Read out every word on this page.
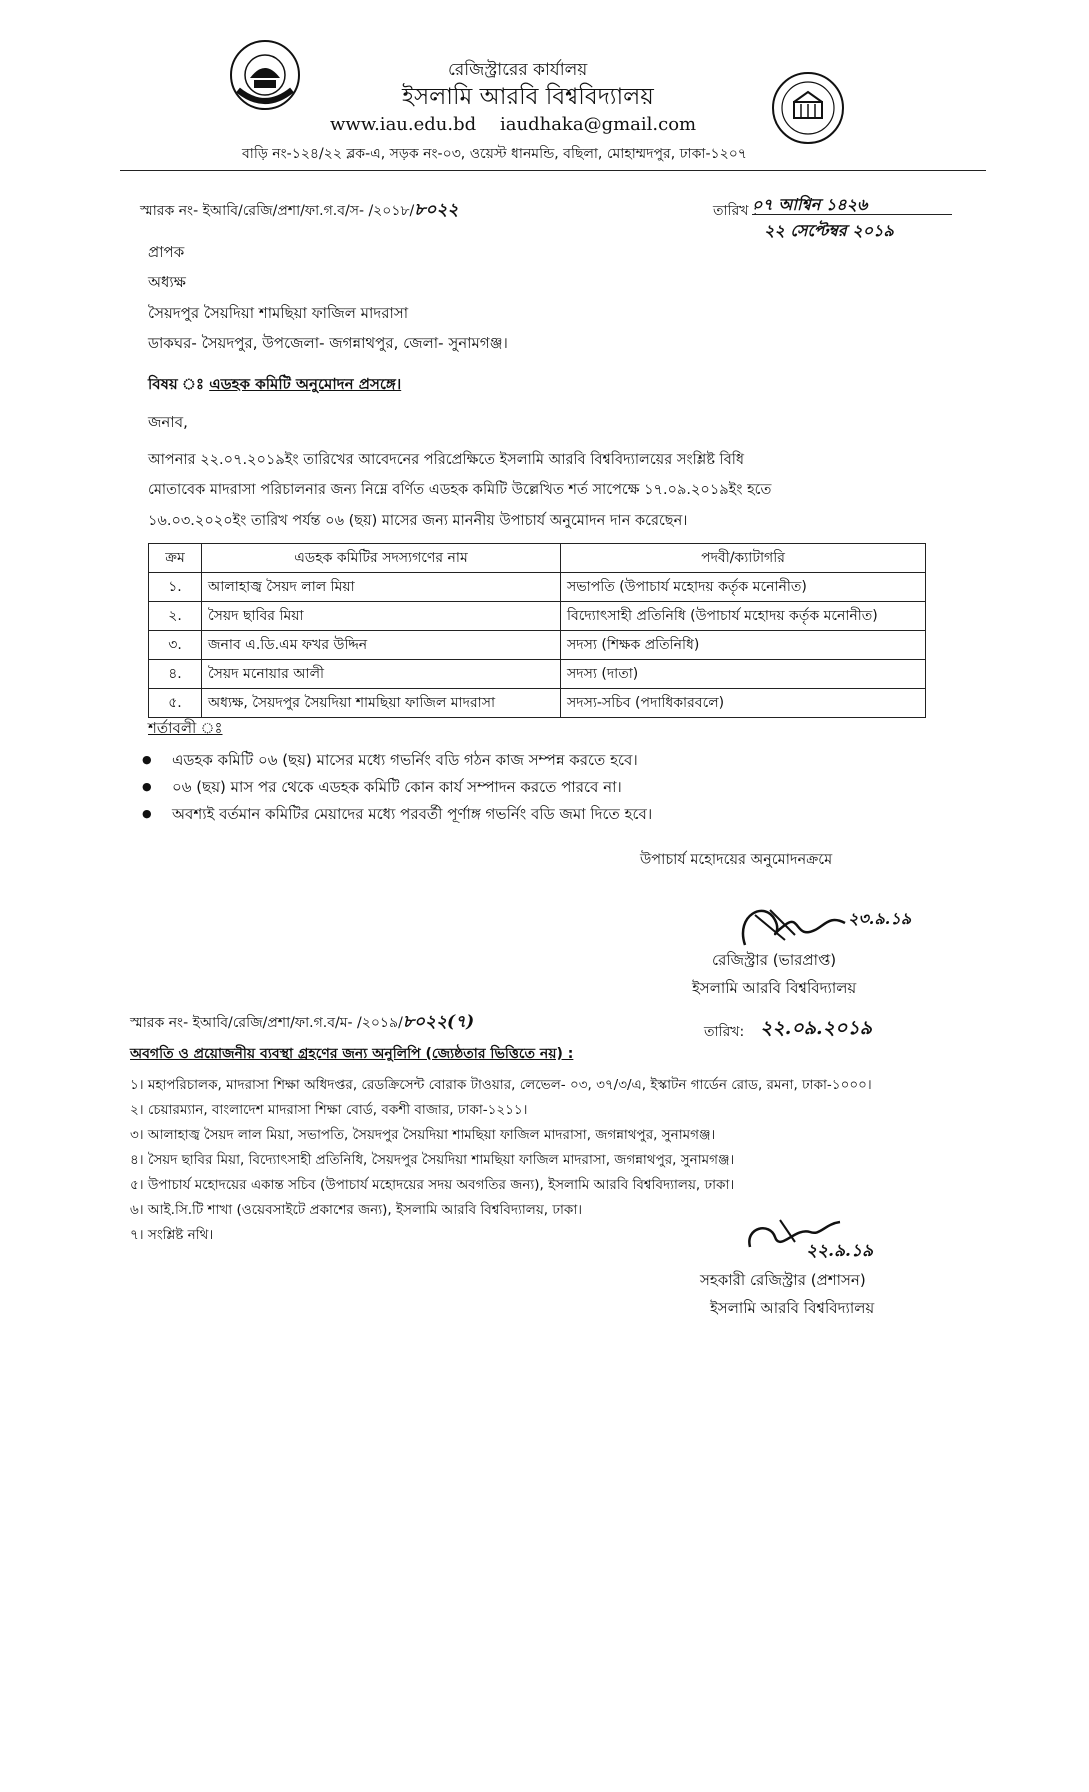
রেজিস্ট্রারের কার্যালয়
ইসলামি আরবি বিশ্ববিদ্যালয়
www.iau.edu.bd iaudhaka@gmail.com
বাড়ি নং-১২৪/২২ ব্লক-এ, সড়ক নং-০৩, ওয়েস্ট ধানমন্ডি, বছিলা, মোহাম্মদপুর, ঢাকা-১২০৭
স্মারক নং- ইআবি/রেজি/প্রশা/ফা.গ.ব/স- /২০১৮/৮০২২	তারিখ :
০৭ আশ্বিন ১৪২৬
২২ সেপ্টেম্বর ২০১৯
প্রাপক
অধ্যক্ষ
সৈয়দপুর সৈয়দিয়া শামছিয়া ফাজিল মাদরাসা
ডাকঘর- সৈয়দপুর, উপজেলা- জগন্নাথপুর, জেলা- সুনামগঞ্জ।
বিষয় ঃ এডহক কমিটি অনুমোদন প্রসঙ্গে।
জনাব,
আপনার ২২.০৭.২০১৯ইং তারিখের আবেদনের পরিপ্রেক্ষিতে ইসলামি আরবি বিশ্ববিদ্যালয়ের সংশ্লিষ্ট বিধি
মোতাবেক মাদরাসা পরিচালনার জন্য নিম্নে বর্ণিত এডহক কমিটি উল্লেখিত শর্ত সাপেক্ষে ১৭.০৯.২০১৯ইং হতে
১৬.০৩.২০২০ইং তারিখ পর্যন্ত ০৬ (ছয়) মাসের জন্য মাননীয় উপাচার্য অনুমোদন দান করেছেন।
ক্রম	এডহক কমিটির সদস্যগণের নাম	পদবী/ক্যাটাগরি
১.	আলাহাজ্ব সৈয়দ লাল মিয়া	সভাপতি (উপাচার্য মহোদয় কর্তৃক মনোনীত)
২.	সৈয়দ ছাবির মিয়া	বিদ্যোৎসাহী প্রতিনিধি (উপাচার্য মহোদয় কর্তৃক মনোনীত)
৩.	জনাব এ.ডি.এম ফখর উদ্দিন	সদস্য (শিক্ষক প্রতিনিধি)
৪.	সৈয়দ মনোয়ার আলী	সদস্য (দাতা)
৫.	অধ্যক্ষ, সৈয়দপুর সৈয়দিয়া শামছিয়া ফাজিল মাদরাসা	সদস্য-সচিব (পদাধিকারবলে)
শর্তাবলী ঃ
● এডহক কমিটি ০৬ (ছয়) মাসের মধ্যে গভর্নিং বডি গঠন কাজ সম্পন্ন করতে হবে।
● ০৬ (ছয়) মাস পর থেকে এডহক কমিটি কোন কার্য সম্পাদন করতে পারবে না।
● অবশ্যই বর্তমান কমিটির মেয়াদের মধ্যে পরবর্তী পূর্ণাঙ্গ গভর্নিং বডি জমা দিতে হবে।
উপাচার্য মহোদয়ের অনুমোদনক্রমে
২৩.৯.১৯
রেজিস্ট্রার (ভারপ্রাপ্ত)
ইসলামি আরবি বিশ্ববিদ্যালয়
স্মারক নং- ইআবি/রেজি/প্রশা/ফা.গ.ব/ম- /২০১৯/৮০২২(৭)	তারিখ: ২২.০৯.২০১৯
অবগতি ও প্রয়োজনীয় ব্যবস্থা গ্রহণের জন্য অনুলিপি (জ্যেষ্ঠতার ভিত্তিতে নয়) :
১। মহাপরিচালক, মাদরাসা শিক্ষা অধিদপ্তর, রেডক্রিসেন্ট বোরাক টাওয়ার, লেভেল- ০৩, ৩৭/৩/এ, ইস্কাটন গার্ডেন রোড, রমনা, ঢাকা-১০০০।
২। চেয়ারম্যান, বাংলাদেশ মাদরাসা শিক্ষা বোর্ড, বকশী বাজার, ঢাকা-১২১১।
৩। আলাহাজ্ব সৈয়দ লাল মিয়া, সভাপতি, সৈয়দপুর সৈয়দিয়া শামছিয়া ফাজিল মাদরাসা, জগন্নাথপুর, সুনামগঞ্জ।
৪। সৈয়দ ছাবির মিয়া, বিদ্যোৎসাহী প্রতিনিধি, সৈয়দপুর সৈয়দিয়া শামছিয়া ফাজিল মাদরাসা, জগন্নাথপুর, সুনামগঞ্জ।
৫। উপাচার্য মহোদয়ের একান্ত সচিব (উপাচার্য মহোদয়ের সদয় অবগতির জন্য), ইসলামি আরবি বিশ্ববিদ্যালয়, ঢাকা।
৬। আই.সি.টি শাখা (ওয়েবসাইটে প্রকাশের জন্য), ইসলামি আরবি বিশ্ববিদ্যালয়, ঢাকা।
৭। সংশ্লিষ্ট নথি।
২২.৯.১৯
সহকারী রেজিস্ট্রার (প্রশাসন)
ইসলামি আরবি বিশ্ববিদ্যালয়
